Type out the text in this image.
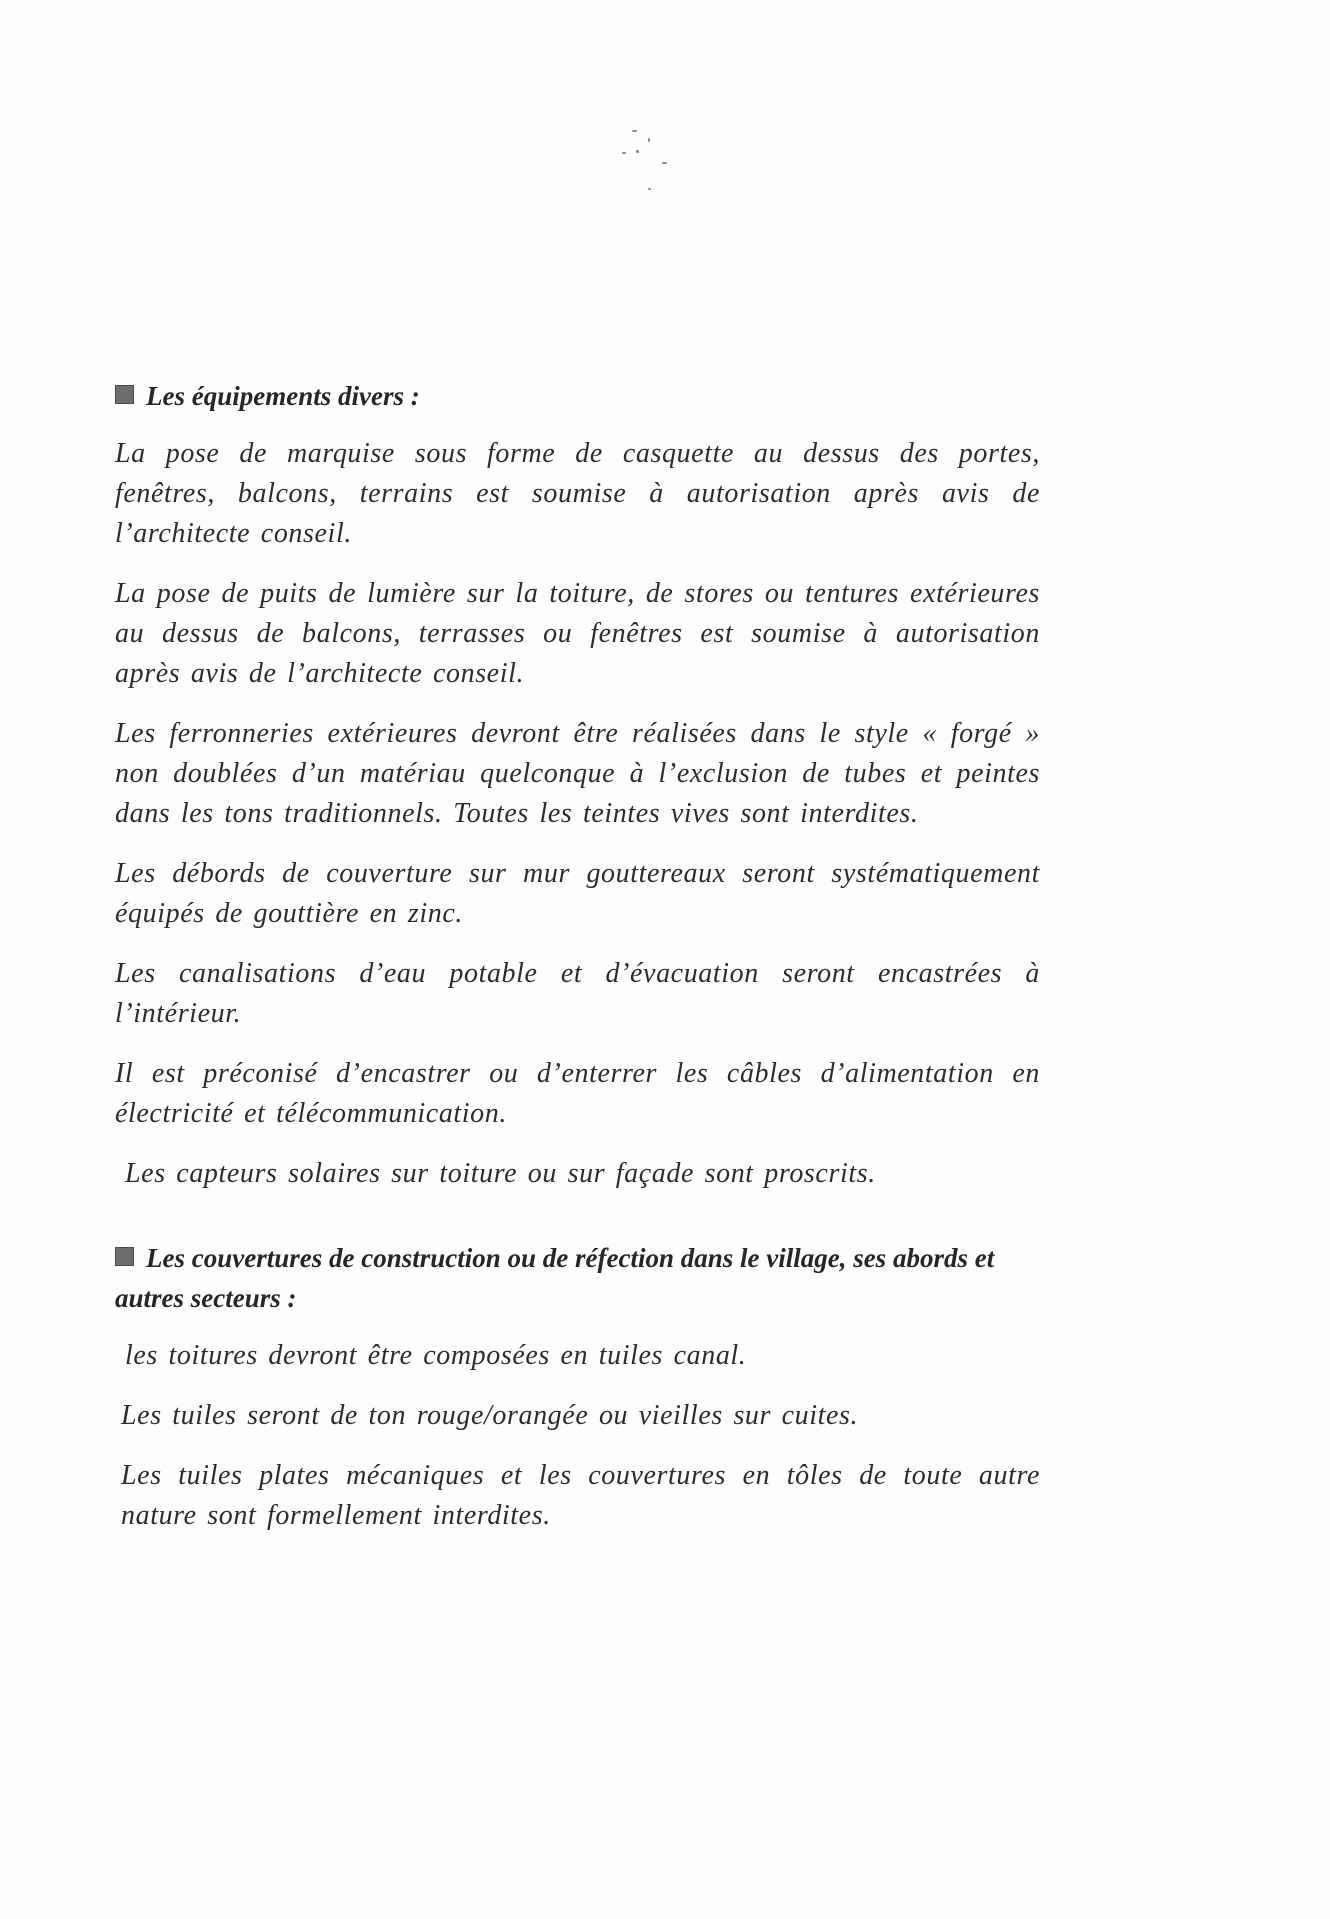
Les équipements divers :

La pose de marquise sous forme de casquette au dessus des portes, fenêtres, balcons, terrains est soumise à autorisation après avis de l’architecte conseil.

La pose de puits de lumière sur la toiture, de stores ou tentures extérieures au dessus de balcons, terrasses ou fenêtres est soumise à autorisation après avis de l’architecte conseil.

Les ferronneries extérieures devront être réalisées dans le style « forgé » non doublées d’un matériau quelconque à l’exclusion de tubes et peintes dans les tons traditionnels. Toutes les teintes vives sont interdites.

Les débords de couverture sur mur gouttereaux seront systématiquement équipés de gouttière en zinc.

Les canalisations d’eau potable et d’évacuation seront encastrées à l’intérieur.

Il est préconisé d’encastrer ou d’enterrer les câbles d’alimentation en électricité et télécommunication.

Les capteurs solaires sur toiture ou sur façade sont proscrits.

Les couvertures de construction ou de réfection dans le village, ses abords et autres secteurs :

les toitures devront être composées en tuiles canal.

Les tuiles seront de ton rouge/orangée ou vieilles sur cuites.

Les tuiles plates mécaniques et les couvertures en tôles de toute autre nature sont formellement interdites.
